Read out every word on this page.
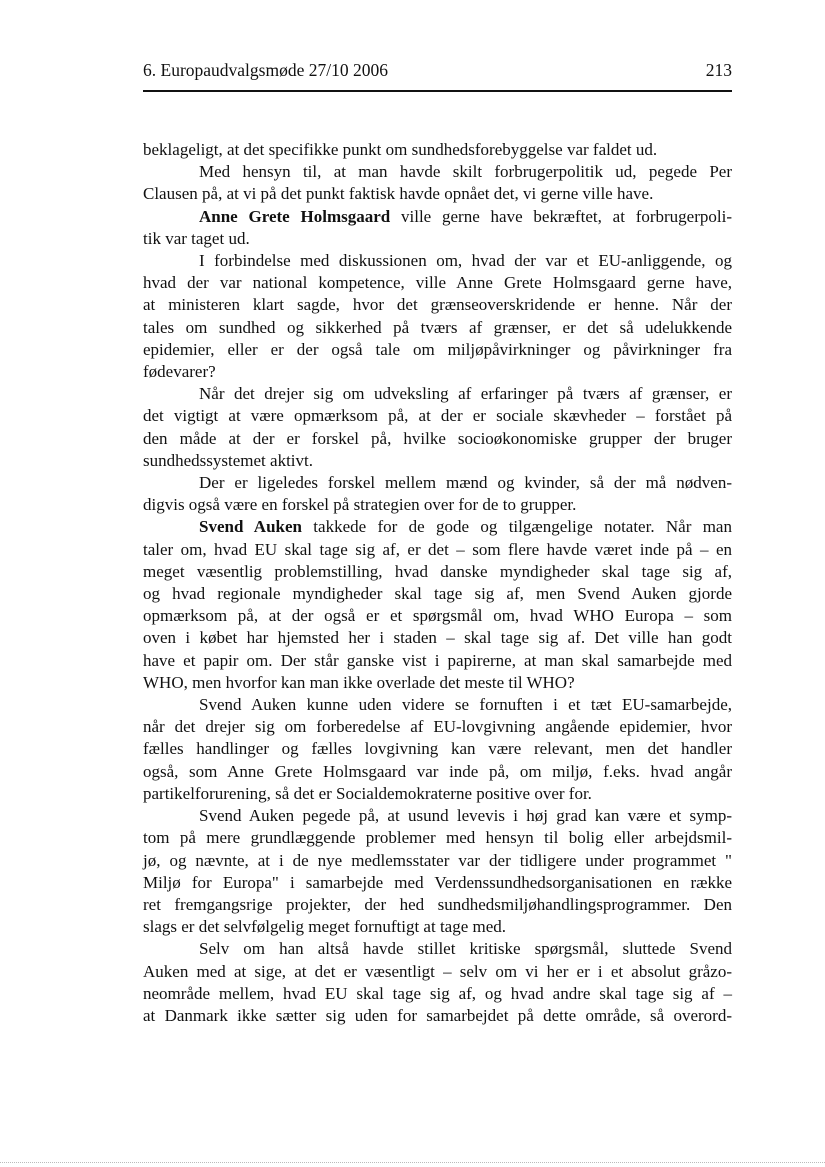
6. Europaudvalgsmøde 27/10 2006	213
beklageligt, at det specifikke punkt om sundhedsforebyggelse var faldet ud.
Med hensyn til, at man havde skilt forbrugerpolitik ud, pegede Per
Clausen på, at vi på det punkt faktisk havde opnået det, vi gerne ville have.
Anne Grete Holmsgaard ville gerne have bekræftet, at forbrugerpoli-
tik var taget ud.
I forbindelse med diskussionen om, hvad der var et EU-anliggende, og
hvad der var national kompetence, ville Anne Grete Holmsgaard gerne have,
at ministeren klart sagde, hvor det grænseoverskridende er henne. Når der
tales om sundhed og sikkerhed på tværs af grænser, er det så udelukkende
epidemier, eller er der også tale om miljøpåvirkninger og påvirkninger fra
fødevarer?
Når det drejer sig om udveksling af erfaringer på tværs af grænser, er
det vigtigt at være opmærksom på, at der er sociale skævheder – forstået på
den måde at der er forskel på, hvilke socioøkonomiske grupper der bruger
sundhedssystemet aktivt.
Der er ligeledes forskel mellem mænd og kvinder, så der må nødven-
digvis også være en forskel på strategien over for de to grupper.
Svend Auken takkede for de gode og tilgængelige notater. Når man
taler om, hvad EU skal tage sig af, er det – som flere havde været inde på – en
meget væsentlig problemstilling, hvad danske myndigheder skal tage sig af,
og hvad regionale myndigheder skal tage sig af, men Svend Auken gjorde
opmærksom på, at der også er et spørgsmål om, hvad WHO Europa – som
oven i købet har hjemsted her i staden – skal tage sig af. Det ville han godt
have et papir om. Der står ganske vist i papirerne, at man skal samarbejde med
WHO, men hvorfor kan man ikke overlade det meste til WHO?
Svend Auken kunne uden videre se fornuften i et tæt EU-samarbejde,
når det drejer sig om forberedelse af EU-lovgivning angående epidemier, hvor
fælles handlinger og fælles lovgivning kan være relevant, men det handler
også, som Anne Grete Holmsgaard var inde på, om miljø, f.eks. hvad angår
partikelforurening, så det er Socialdemokraterne positive over for.
Svend Auken pegede på, at usund levevis i høj grad kan være et symp-
tom på mere grundlæggende problemer med hensyn til bolig eller arbejdsmil-
jø, og nævnte, at i de nye medlemsstater var der tidligere under programmet "
Miljø for Europa" i samarbejde med Verdenssundhedsorganisationen en række
ret fremgangsrige projekter, der hed sundhedsmiljøhandlingsprogrammer. Den
slags er det selvfølgelig meget fornuftigt at tage med.
Selv om han altså havde stillet kritiske spørgsmål, sluttede Svend
Auken med at sige, at det er væsentligt – selv om vi her er i et absolut gråzo-
neområde mellem, hvad EU skal tage sig af, og hvad andre skal tage sig af –
at Danmark ikke sætter sig uden for samarbejdet på dette område, så overord-
